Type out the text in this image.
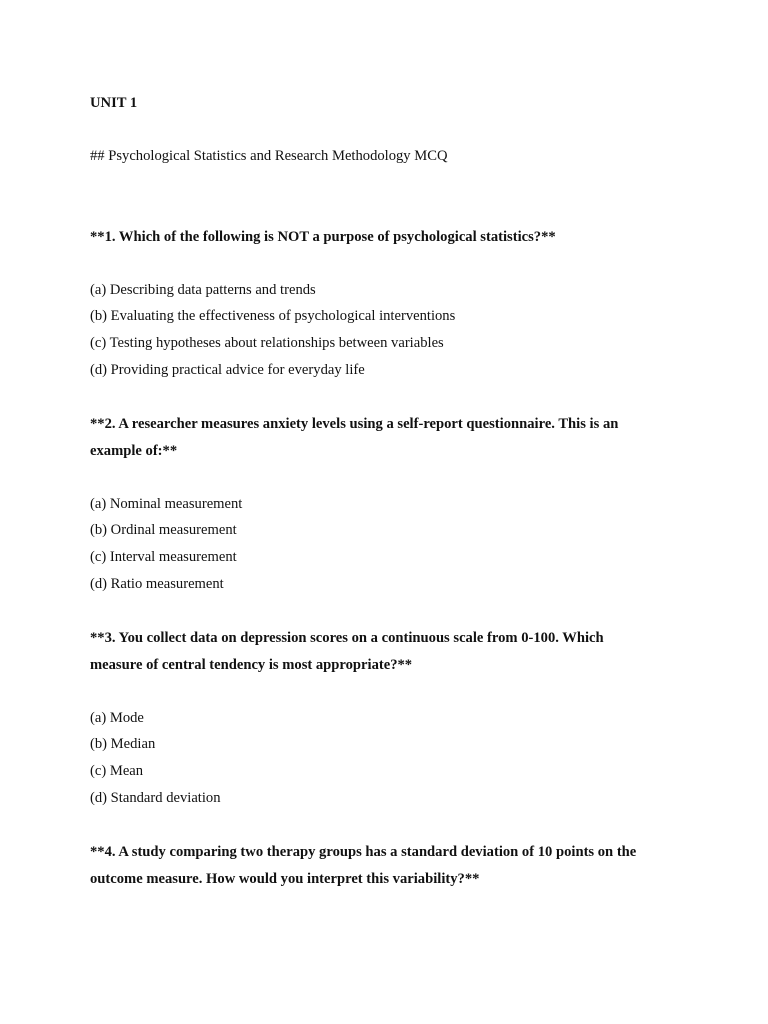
UNIT 1
## Psychological Statistics and Research Methodology MCQ
**1. Which of the following is NOT a purpose of psychological statistics?**
(a) Describing data patterns and trends
(b) Evaluating the effectiveness of psychological interventions
(c) Testing hypotheses about relationships between variables
(d) Providing practical advice for everyday life
**2. A researcher measures anxiety levels using a self-report questionnaire. This is an
example of:**
(a) Nominal measurement
(b) Ordinal measurement
(c) Interval measurement
(d) Ratio measurement
**3. You collect data on depression scores on a continuous scale from 0-100. Which
measure of central tendency is most appropriate?**
(a) Mode
(b) Median
(c) Mean
(d) Standard deviation
**4. A study comparing two therapy groups has a standard deviation of 10 points on the
outcome measure. How would you interpret this variability?**
